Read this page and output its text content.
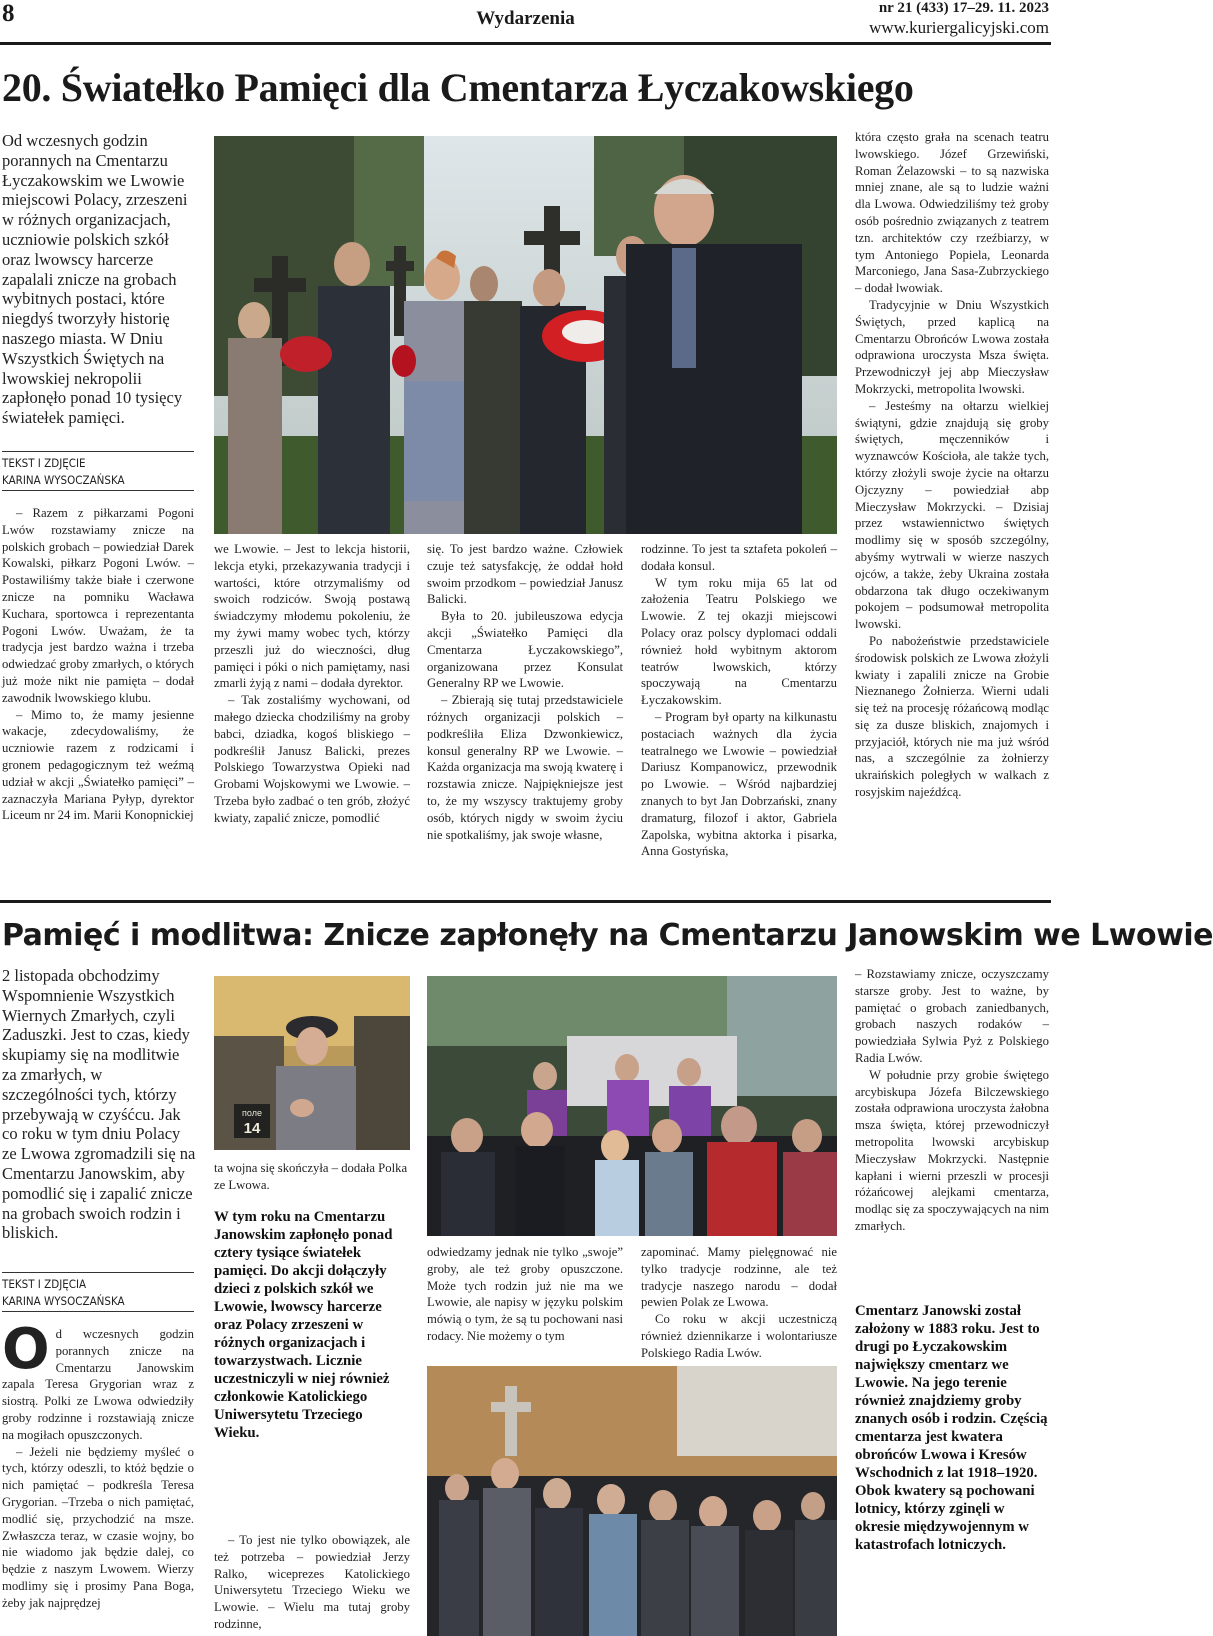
8	Wydarzenia	nr 21 (433) 17–29. 11. 2023
www.kuriergalicyjski.com
20. Światełko Pamięci dla Cmentarza Łyczakowskiego
Od wczesnych godzin porannych na Cmentarzu Łyczakowskim we Lwowie miejscowi Polacy, zrzeszeni w różnych organizacjach, uczniowie polskich szkół oraz lwowscy harcerze zapalali znicze na grobach wybitnych postaci, które niegdyś tworzyły historię naszego miasta. W Dniu Wszystkich Świętych na lwowskiej nekropolii zapłonęło ponad 10 tysięcy światełek pamięci.
TEKST I ZDJĘCIE
KARINA WYSOCZAŃSKA

– Razem z piłkarzami Pogoni Lwów rozstawiamy znicze na polskich grobach – powiedział Darek Kowalski, piłkarz Pogoni Lwów. – Postawiliśmy także białe i czerwone znicze na pomniku Wacława Kuchara, sportowca i reprezentanta Pogoni Lwów. Uważam, że ta tradycja jest bardzo ważna i trzeba odwiedzać groby zmarłych, o których już może nikt nie pamięta – dodał zawodnik lwowskiego klubu.

– Mimo to, że mamy jesienne wakacje, zdecydowaliśmy, że uczniowie razem z rodzicami i gronem pedagogicznym też weźmą udział w akcji „Światełko pamięci” – zaznaczyła Mariana Pyłyp, dyrektor Liceum nr 24 im. Marii Konopnickiej

we Lwowie. – Jest to lekcja historii, lekcja etyki, przekazywania tradycji i wartości, które otrzymaliśmy od swoich rodziców. Swoją postawą świadczymy młodemu pokoleniu, że my żywi mamy wobec tych, którzy przeszli już do wieczności, dług pamięci i póki o nich pamiętamy, nasi zmarli żyją z nami – dodała dyrektor.

– Tak zostaliśmy wychowani, od małego dziecka chodziliśmy na groby babci, dziadka, kogoś bliskiego – podkreślił Janusz Balicki, prezes Polskiego Towarzystwa Opieki nad Grobami Wojskowymi we Lwowie. – Trzeba było zadbać o ten grób, złożyć kwiaty, zapalić znicze, pomodlić

się. To jest bardzo ważne. Człowiek czuje też satysfakcję, że oddał hołd swoim przodkom – powiedział Janusz Balicki.

Była to 20. jubileuszowa edycja akcji „Światełko Pamięci dla Cmentarza Łyczakowskiego”, organizowana przez Konsulat Generalny RP we Lwowie.

– Zbierają się tutaj przedstawiciele różnych organizacji polskich – podkreśliła Eliza Dzwonkiewicz, konsul generalny RP we Lwowie. – Każda organizacja ma swoją kwaterę i rozstawia znicze. Najpiękniejsze jest to, że my wszyscy traktujemy groby osób, których nigdy w swoim życiu nie spotkaliśmy, jak swoje własne,

rodzinne. To jest ta sztafeta pokoleń – dodała konsul.

W tym roku mija 65 lat od założenia Teatru Polskiego we Lwowie. Z tej okazji miejscowi Polacy oraz polscy dyplomaci oddali również hołd wybitnym aktorom teatrów lwowskich, którzy spoczywają na Cmentarzu Łyczakowskim.

– Program był oparty na kilkunastu postaciach ważnych dla życia teatralnego we Lwowie – powiedział Dariusz Kompanowicz, przewodnik po Lwowie. – Wśród najbardziej znanych to byt Jan Dobrzański, znany dramaturg, filozof i aktor, Gabriela Zapolska, wybitna aktorka i pisarka, Anna Gostyńska,

która często grała na scenach teatru lwowskiego. Józef Grzewiński, Roman Żelazowski – to są nazwiska mniej znane, ale są to ludzie ważni dla Lwowa. Odwiedziliśmy też groby osób pośrednio związanych z teatrem tzn. architektów czy rzeźbiarzy, w tym Antoniego Popiela, Leonarda Marconiego, Jana Sasa-Zubrzyckiego – dodał lwowiak.

Tradycyjnie w Dniu Wszystkich Świętych, przed kaplicą na Cmentarzu Obrońców Lwowa została odprawiona uroczysta Msza święta. Przewodniczył jej abp Mieczysław Mokrzycki, metropolita lwowski.

– Jesteśmy na ołtarzu wielkiej świątyni, gdzie znajdują się groby świętych, męczenników i wyznawców Kościoła, ale także tych, którzy złożyli swoje życie na ołtarzu Ojczyzny – powiedział abp Mieczysław Mokrzycki. – Dzisiaj przez wstawiennictwo świętych modlimy się w sposób szczególny, abyśmy wytrwali w wierze naszych ojców, a także, żeby Ukraina została obdarzona tak długo oczekiwanym pokojem – podsumował metropolita lwowski.

Po nabożeństwie przedstawiciele środowisk polskich ze Lwowa złożyli kwiaty i zapalili znicze na Grobie Nieznanego Żołnierza. Wierni udali się też na procesję różańcową modląc się za dusze bliskich, znajomych i przyjaciół, których nie ma już wśród nas, a szczególnie za żołnierzy ukraińskich poległych w walkach z rosyjskim najeźdźcą.

Pamięć i modlitwa: Znicze zapłonęły na Cmentarzu Janowskim we Lwowie
2 listopada obchodzimy Wspomnienie Wszystkich Wiernych Zmarłych, czyli Zaduszki. Jest to czas, kiedy skupiamy się na modlitwie za zmarłych, w szczególności tych, którzy przebywają w czyśćcu. Jak co roku w tym dniu Polacy ze Lwowa zgromadzili się na Cmentarzu Janowskim, aby pomodlić się i zapalić znicze na grobach swoich rodzin i bliskich.
TEKST I ZDJĘCIA
KARINA WYSOCZAŃSKA

Od wczesnych godzin porannych znicze na Cmentarzu Janowskim zapala Teresa Grygorian wraz z siostrą. Polki ze Lwowa odwiedziły groby rodzinne i rozstawiają znicze na mogiłach opuszczonych.

– Jeżeli nie będziemy myśleć o tych, którzy odeszli, to któż będzie o nich pamiętać – podkreśla Teresa Grygorian. –Trzeba o nich pamiętać, modlić się, przychodzić na msze. Zwłaszcza teraz, w czasie wojny, bo nie wiadomo jak będzie dalej, co będzie z naszym Lwowem. Wierzy modlimy się i prosimy Pana Boga, żeby jak najprędzej

поле
14

ta wojna się skończyła – dodała Polka ze Lwowa.

W tym roku na Cmentarzu Janowskim zapłonęło ponad cztery tysiące światełek pamięci. Do akcji dołączyły dzieci z polskich szkół we Lwowie, lwowscy harcerze oraz Polacy zrzeszeni w różnych organizacjach i towarzystwach. Licznie uczestniczyli w niej również członkowie Katolickiego Uniwersytetu Trzeciego Wieku.

– To jest nie tylko obowiązek, ale też potrzeba – powiedział Jerzy Ralko, wiceprezes Katolickiego Uniwersytetu Trzeciego Wieku we Lwowie. – Wielu ma tutaj groby rodzinne,

odwiedzamy jednak nie tylko „swoje” groby, ale też groby opuszczone. Może tych rodzin już nie ma we Lwowie, ale napisy w języku polskim mówią o tym, że są tu pochowani nasi rodacy. Nie możemy o tym

zapominać. Mamy pielęgnować nie tylko tradycje rodzinne, ale też tradycje naszego narodu – dodał pewien Polak ze Lwowa.

Co roku w akcji uczestniczą również dziennikarze i wolontariusze Polskiego Radia Lwów.

– Rozstawiamy znicze, oczyszczamy starsze groby. Jest to ważne, by pamiętać o grobach zaniedbanych, grobach naszych rodaków – powiedziała Sylwia Pyż z Polskiego Radia Lwów.

W południe przy grobie świętego arcybiskupa Józefa Bilczewskiego została odprawiona uroczysta żałobna msza święta, której przewodniczył metropolita lwowski arcybiskup Mieczysław Mokrzycki. Następnie kapłani i wierni przeszli w procesji różańcowej alejkami cmentarza, modląc się za spoczywających na nim zmarłych.

Cmentarz Janowski został założony w 1883 roku. Jest to drugi po Łyczakowskim największy cmentarz we Lwowie. Na jego terenie również znajdziemy groby znanych osób i rodzin. Częścią cmentarza jest kwatera obrońców Lwowa i Kresów Wschodnich z lat 1918–1920. Obok kwatery są pochowani lotnicy, którzy zginęli w okresie międzywojennym w katastrofach lotniczych.
